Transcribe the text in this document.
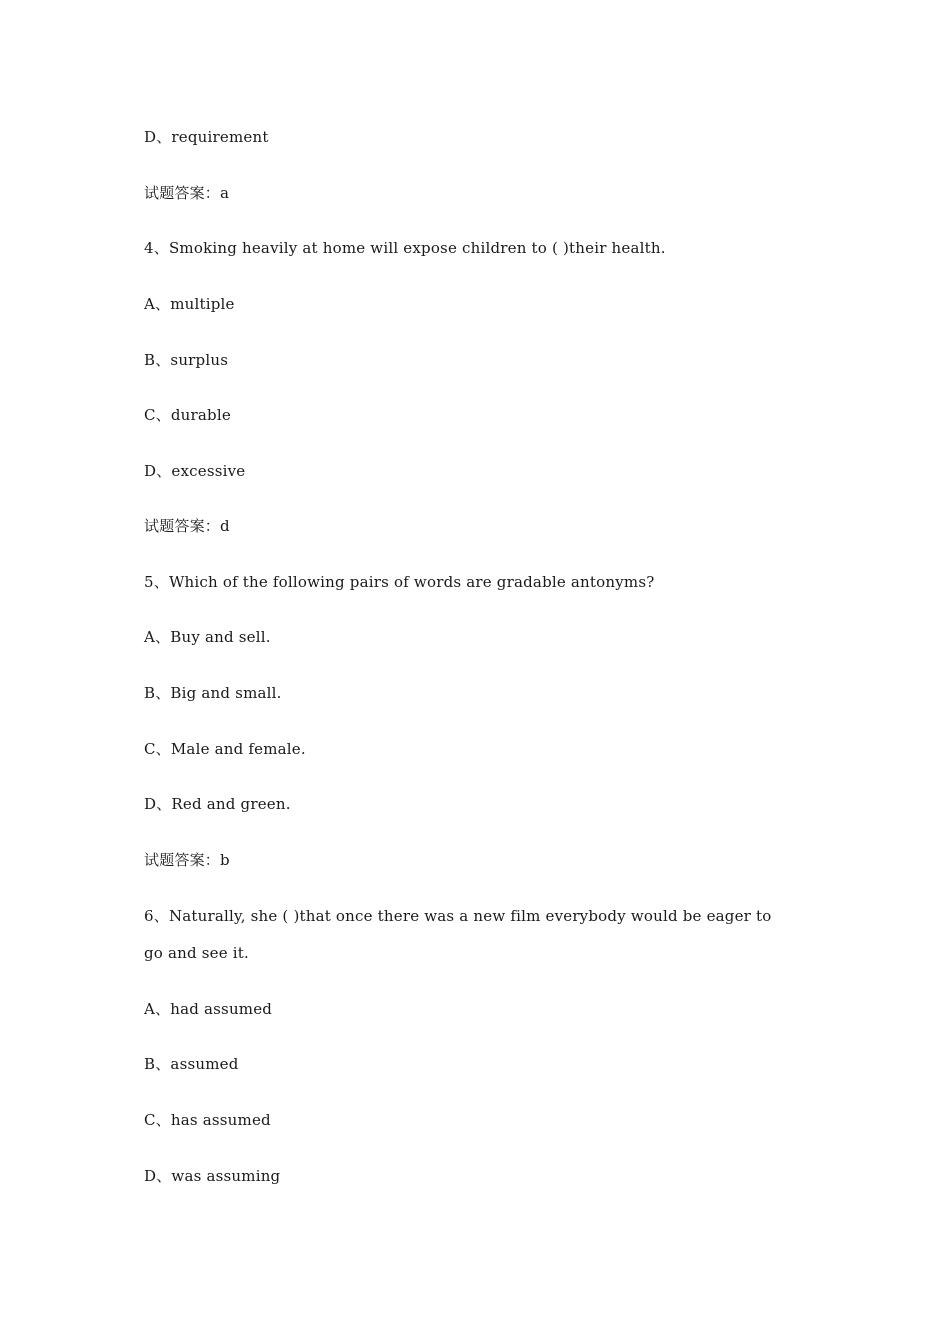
D、requirement

试题答案：a

4、Smoking heavily at home will expose children to ( )their health.

A、multiple

B、surplus

C、durable

D、excessive

试题答案：d

5、Which of the following pairs of words are gradable antonyms?

A、Buy and sell.

B、Big and small.

C、Male and female.

D、Red and green.

试题答案：b

6、Naturally, she ( )that once there was a new film everybody would be eager to

go and see it.

A、had assumed

B、assumed

C、has assumed

D、was assuming
